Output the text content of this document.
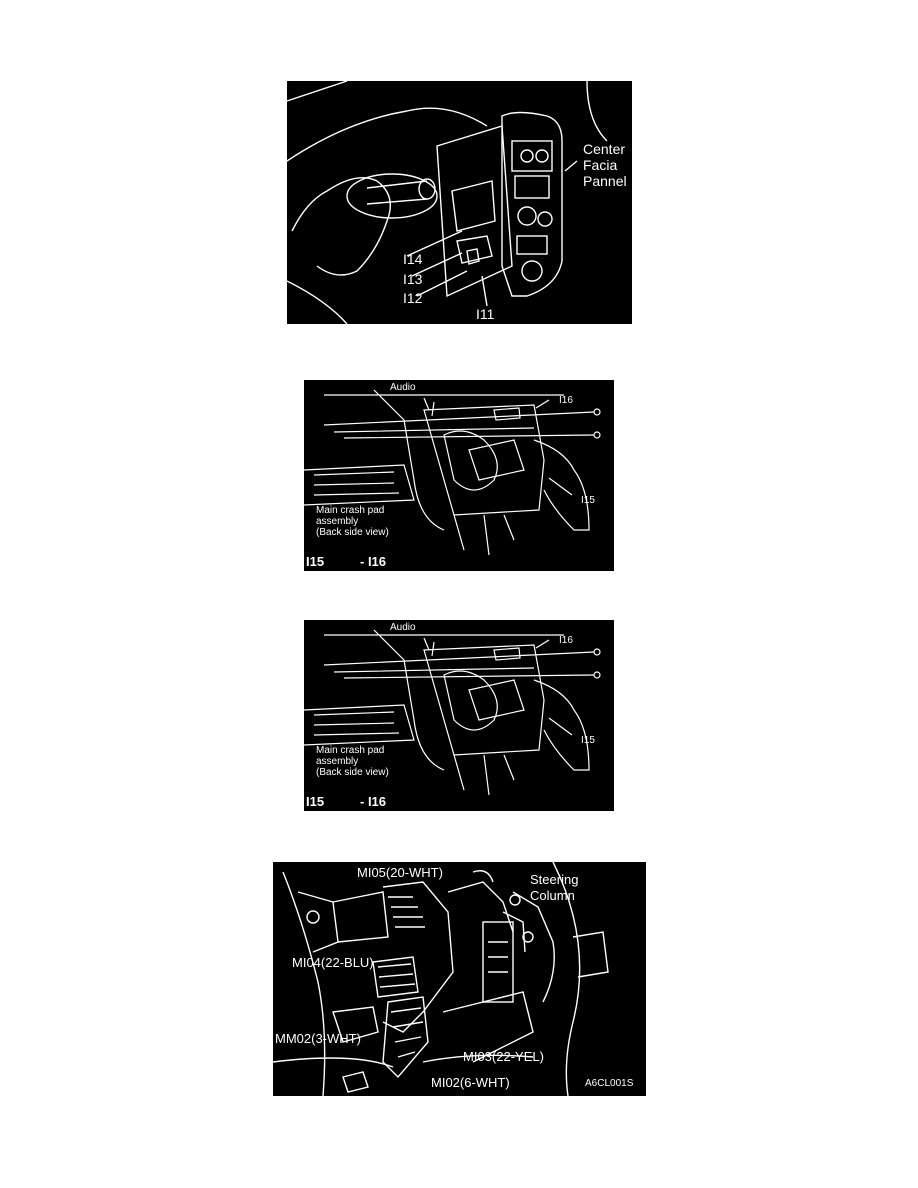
Center
Facia
Pannel
I14
I13
I12
I11
Audio
I16
I15
Main crash pad
assembly
(Back side view)
I15	- I16
Audio
I16
I15
Main crash pad
assembly
(Back side view)
I15	- I16
MI05(20-WHT)	Steering
Column
MI04(22-BLU)
MM02(3-WHT)
MI03(22-YEL)
MI02(6-WHT)	A6CL001S
